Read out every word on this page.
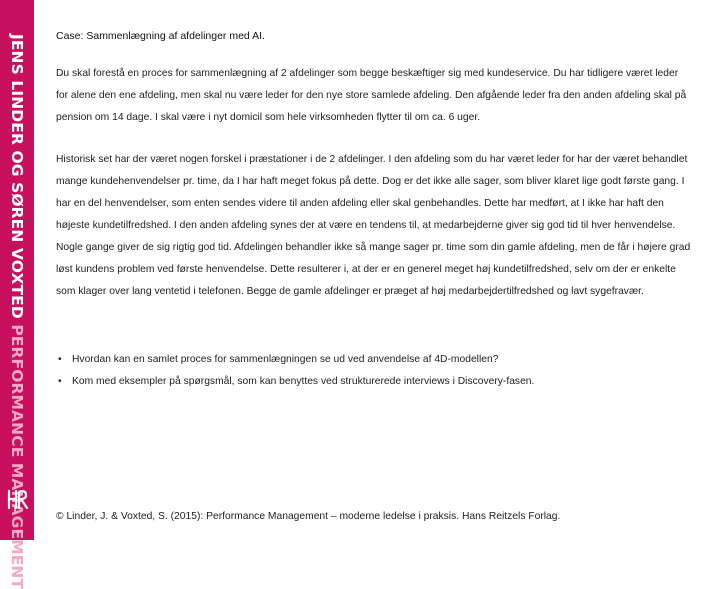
JENS LINDER OG SØREN VOXTED PERFORMANCE MANAGEMENT
Case: Sammenlægning af afdelinger med AI.

Du skal forestå en proces for sammenlægning af 2 afdelinger som begge beskæftiger sig med kundeservice. Du har tidligere været leder for alene den ene afdeling, men skal nu være leder for den nye store samlede afdeling. Den afgående leder fra den anden afdeling skal på pension om 14 dage. I skal være i nyt domicil som hele virksomheden flytter til om ca. 6 uger.

Historisk set har der været nogen forskel i præstationer i de 2 afdelinger. I den afdeling som du har været leder for har der været behandlet mange kundehenvendelser pr. time, da I har haft meget fokus på dette. Dog er det ikke alle sager, som bliver klaret lige godt første gang. I har en del henvendelser, som enten sendes videre til anden afdeling eller skal genbehandles. Dette har medført, at I ikke har haft den højeste kundetilfredshed. I den anden afdeling synes der at være en tendens til, at medarbejderne giver sig god tid til hver henvendelse. Nogle gange giver de sig rigtig god tid. Afdelingen behandler ikke så mange sager pr. time som din gamle afdeling, men de får i højere grad løst kundens problem ved første henvendelse. Dette resulterer i, at der er en generel meget høj kundetilfredshed, selv om der er enkelte som klager over lang ventetid i telefonen. Begge de gamle afdelinger er præget af høj medarbejdertilfredshed og lavt sygefravær.

• Hvordan kan en samlet proces for sammenlægningen se ud ved anvendelse af 4D-modellen?
• Kom med eksempler på spørgsmål, som kan benyttes ved strukturerede interviews i Discovery-fasen.
© Linder, J. & Voxted, S. (2015): Performance Management – moderne ledelse i praksis. Hans Reitzels Forlag.
